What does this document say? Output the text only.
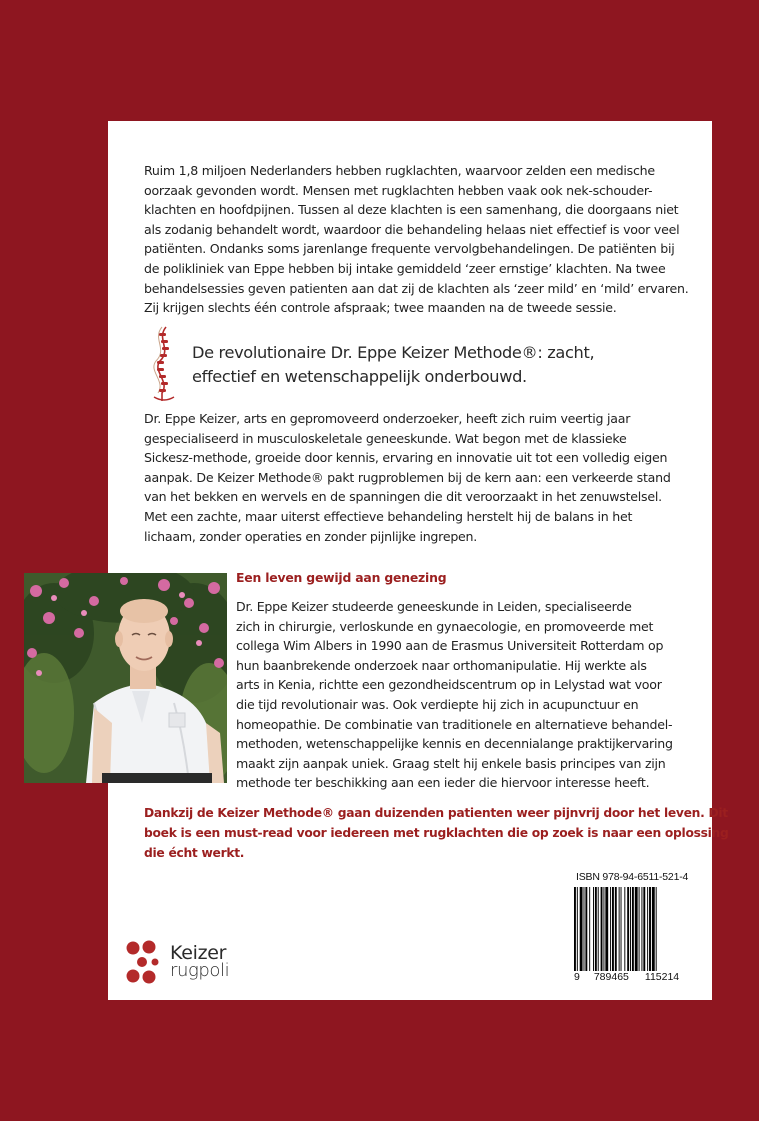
Ruim 1,8 miljoen Nederlanders hebben rugklachten, waarvoor zelden een medische
oorzaak gevonden wordt. Mensen met rugklachten hebben vaak ook nek-schouder-
klachten en hoofdpijnen. Tussen al deze klachten is een samenhang, die doorgaans niet
als zodanig behandelt wordt, waardoor die behandeling helaas niet effectief is voor veel
patiënten. Ondanks soms jarenlange frequente vervolgbehandelingen. De patiënten bij
de polikliniek van Eppe hebben bij intake gemiddeld ‘zeer ernstige’ klachten. Na twee
behandelsessies geven patienten aan dat zij de klachten als ‘zeer mild’ en ‘mild’ ervaren.
Zij krijgen slechts één controle afspraak; twee maanden na de tweede sessie.

De revolutionaire Dr. Eppe Keizer Methode®: zacht,
effectief en wetenschappelijk onderbouwd.

Dr. Eppe Keizer, arts en gepromoveerd onderzoeker, heeft zich ruim veertig jaar
gespecialiseerd in musculoskeletale geneeskunde. Wat begon met de klassieke
Sickesz-methode, groeide door kennis, ervaring en innovatie uit tot een volledig eigen
aanpak. De Keizer Methode® pakt rugproblemen bij de kern aan: een verkeerde stand
van het bekken en wervels en de spanningen die dit veroorzaakt in het zenuwstelsel.
Met een zachte, maar uiterst effectieve behandeling herstelt hij de balans in het
lichaam, zonder operaties en zonder pijnlijke ingrepen.

Een leven gewijd aan genezing

Dr. Eppe Keizer studeerde geneeskunde in Leiden, specialiseerde
zich in chirurgie, verloskunde en gynaecologie, en promoveerde met
collega Wim Albers in 1990 aan de Erasmus Universiteit Rotterdam op
hun baanbrekende onderzoek naar orthomanipulatie. Hij werkte als
arts in Kenia, richtte een gezondheidscentrum op in Lelystad wat voor
die tijd revolutionair was. Ook verdiepte hij zich in acupunctuur en
homeopathie. De combinatie van traditionele en alternatieve behandel-
methoden, wetenschappelijke kennis en decennialange praktijkervaring
maakt zijn aanpak uniek. Graag stelt hij enkele basis principes van zijn
methode ter beschikking aan een ieder die hiervoor interesse heeft.

Dankzij de Keizer Methode® gaan duizenden patienten weer pijnvrij door het leven. Dit
boek is een must-read voor iedereen met rugklachten die op zoek is naar een oplossing
die écht werkt.

ISBN 978-94-6511-521-4
9 789465 115214
Keizer
rugpoli
